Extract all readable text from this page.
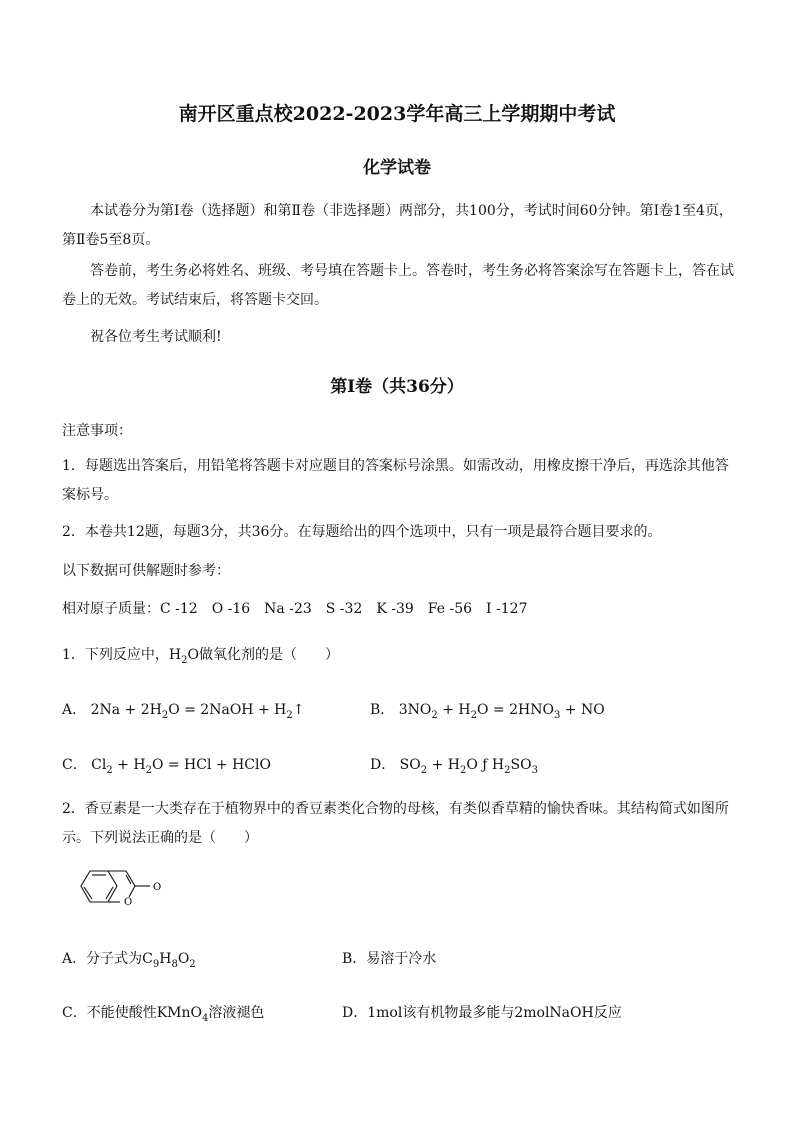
南开区重点校2022-2023学年高三上学期期中考试
化学试卷
本试卷分为第Ⅰ卷（选择题）和第Ⅱ卷（非选择题）两部分，共100分，考试时间60分钟。第Ⅰ卷1至4页，第Ⅱ卷5至8页。
答卷前，考生务必将姓名、班级、考号填在答题卡上。答卷时，考生务必将答案涂写在答题卡上，答在试卷上的无效。考试结束后，将答题卡交回。
祝各位考生考试顺利!
第Ⅰ卷（共36分）
注意事项：
1．每题选出答案后，用铅笔将答题卡对应题目的答案标号涂黑。如需改动，用橡皮擦干净后，再选涂其他答案标号。
2．本卷共12题，每题3分，共36分。在每题给出的四个选项中，只有一项是最符合题目要求的。
以下数据可供解题时参考：
相对原子质量：C -12　O -16　Na -23　S -32　K -39　Fe -56　I -127
1．下列反应中，$H_2O$做氧化剂的是（　　）
A． $2Na + 2H_2O$ = 2NaOH + $H_2↑$	B． $3NO_2 + H_2O = 2HNO_3$ + NO
C． $Cl_2 + H_2O$ = HCl + HClO	D． $SO_2 + H_2O$ ƒ $H_2SO_3$
2．香豆素是一大类存在于植物界中的香豆素类化合物的母核，有类似香草精的愉快香味。其结构简式如图所示。下列说法正确的是（　　）
O
O
A．分子式为$C_9H_8O_2$	B．易溶于冷水
C．不能使酸性KMnO$_4$溶液褪色	D．1mol该有机物最多能与2molNaOH反应
